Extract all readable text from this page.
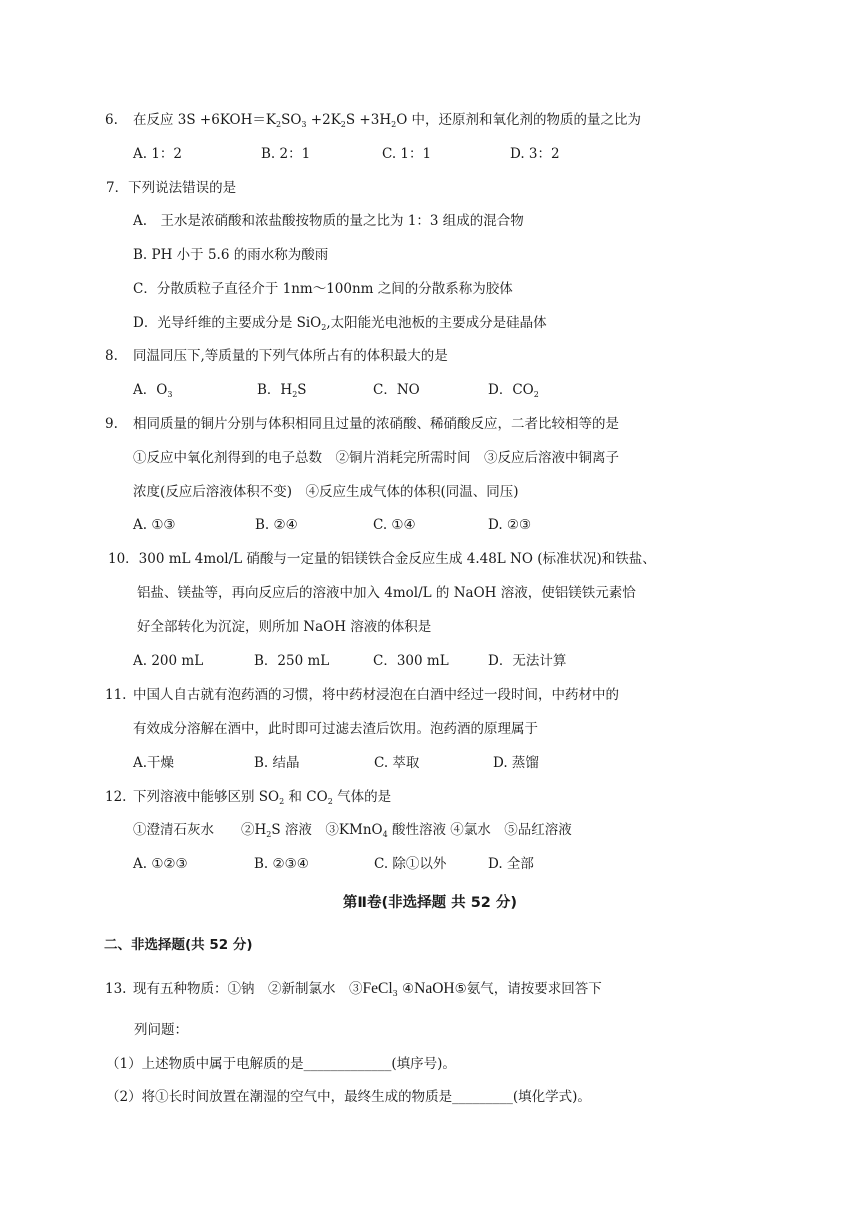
6. 在反应 $3S +6KOH=K_2SO_3 +2K_2S +3H_2O$ 中，还原剂和氧化剂的物质的量之比为
A. 1：2	B. 2：1	C. 1：1	D. 3：2
7．下列说法错误的是
A.　王水是浓硝酸和浓盐酸按物质的量之比为 1：3 组成的混合物
B. PH 小于 5.6 的雨水称为酸雨
C．分散质粒子直径介于 1nm～100nm 之间的分散系称为胶体
D．光导纤维的主要成分是 SiO$_2$,太阳能光电池板的主要成分是硅晶体
8. 同温同压下,等质量的下列气体所占有的体积最大的是
A．$O_3$	B．$H_2S$	C．NO	D．$CO_2$
9. 相同质量的铜片分别与体积相同且过量的浓硝酸、稀硝酸反应，二者比较相等的是
①反应中氧化剂得到的电子总数　②铜片消耗完所需时间　③反应后溶液中铜离子
浓度(反应后溶液体积不变)　④反应生成气体的体积(同温、同压)
A. ①③	B. ②④	C. ①④	D. ②③
10．300 mL 4mol/L 硝酸与一定量的铝镁铁合金反应生成 4.48L NO (标准状况)和铁盐、
铝盐、镁盐等，再向反应后的溶液中加入 4mol/L 的 NaOH 溶液，使铝镁铁元素恰
好全部转化为沉淀，则所加 NaOH 溶液的体积是
A. 200 mL	B．250 mL	C．300 mL	D．无法计算
11. 中国人自古就有泡药酒的习惯，将中药材浸泡在白酒中经过一段时间，中药材中的
有效成分溶解在酒中，此时即可过滤去渣后饮用。泡药酒的原理属于
A.干燥	B. 结晶	C. 萃取	D. 蒸馏
12. 下列溶液中能够区别 $SO_2$ 和 $CO_2$ 气体的是
①澄清石灰水　　$②H_2S$ 溶液　③KMnO$_4$ 酸性溶液 ④氯水　⑤品红溶液
A. ①②③	B. ②③④	C. 除①以外	D. 全部
第Ⅱ卷(非选择题 共 52 分)
二、非选择题(共 52 分)
13. 现有五种物质：①钠　②新制氯水　③FeCl$_3$ ④NaOH⑤氨气，请按要求回答下
列问题：
（1）上述物质中属于电解质的是_____________(填序号)。
（2）将①长时间放置在潮湿的空气中，最终生成的物质是_________(填化学式)。
